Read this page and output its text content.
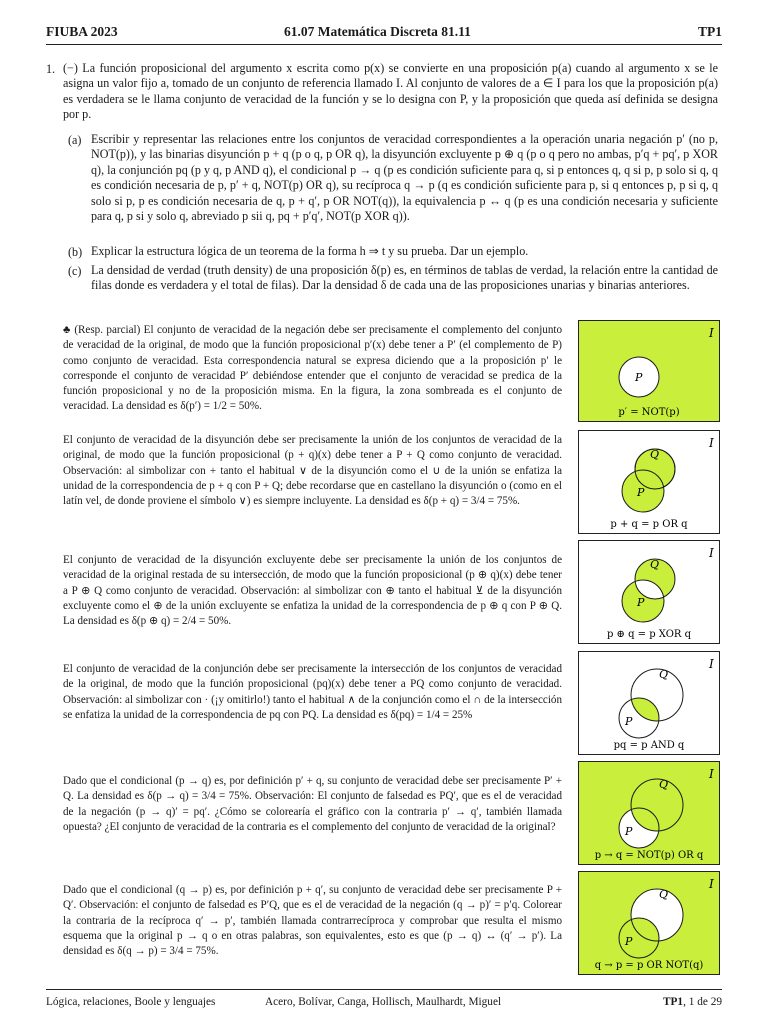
FIUBA 2023	61.07 Matemática Discreta 81.11	TP1
1. (−) La función proposicional del argumento x escrita como p(x) se convierte en una proposición p(a) cuando al argumento x se le asigna un valor fijo a, tomado de un conjunto de referencia llamado I. Al conjunto de valores de a ∈ I para los que la proposición p(a) es verdadera se le llama conjunto de veracidad de la función y se lo designa con P, y la proposición que queda así definida se designa por p.

(a) Escribir y representar las relaciones entre los conjuntos de veracidad correspondientes a la operación unaria negación p′ (no p, NOT(p)), y las binarias disyunción p + q (p o q, p OR q), la disyunción excluyente p ⊕ q (p o q pero no ambas, p′q + pq′, p XOR q), la conjunción pq (p y q, p AND q), el condicional p → q (p es condición suficiente para q, si p entonces q, q si p, p solo si q, q es condición necesaria de p, p′ + q, NOT(p) OR q), su recíproca q → p (q es condición suficiente para p, si q entonces p, p si q, q solo si p, p es condición necesaria de q, p + q′, p OR NOT(q)), la equivalencia p ↔ q (p es una condición necesaria y suficiente para q, p si y solo q, abreviado p sii q, pq + p′q′, NOT(p XOR q)).

(b) Explicar la estructura lógica de un teorema de la forma h ⇒ t y su prueba. Dar un ejemplo.

(c) La densidad de verdad (truth density) de una proposición δ(p) es, en términos de tablas de verdad, la relación entre la cantidad de filas donde es verdadera y el total de filas). Dar la densidad δ de cada una de las proposiciones unarias y binarias anteriores.

♣ (Resp. parcial) El conjunto de veracidad de la negación debe ser precisamente el complemento del conjunto de veracidad de la original, de modo que la función proposicional p′(x) debe tener a P′ (el complemento de P) como conjunto de veracidad. Esta correspondencia natural se expresa diciendo que a la proposición p′ le corresponde el conjunto de veracidad P′ debiéndose entender que el conjunto de veracidad se predica de la función proposicional y no de la proposición misma. En la figura, la zona sombreada es el conjunto de veracidad. La densidad es δ(p′) = 1/2 = 50%.

I
P
p′ = NOT(p)

El conjunto de veracidad de la disyunción debe ser precisamente la unión de los conjuntos de veracidad de la original, de modo que la función proposicional (p + q)(x) debe tener a P + Q como conjunto de veracidad. Observación: al simbolizar con + tanto el habitual ∨ de la disyunción como el ∪ de la unión se enfatiza la unidad de la correspondencia de p + q con P + Q; debe recordarse que en castellano la disyunción o (como en el latín vel, de donde proviene el símbolo ∨) es siempre incluyente. La densidad es δ(p + q) = 3/4 = 75%.

I
Q
P
p + q = p OR q

El conjunto de veracidad de la disyunción excluyente debe ser precisamente la unión de los conjuntos de veracidad de la original restada de su intersección, de modo que la función proposicional (p ⊕ q)(x) debe tener a P ⊕ Q como conjunto de veracidad. Observación: al simbolizar con ⊕ tanto el habitual ⊻ de la disyunción excluyente como el ⊕ de la unión excluyente se enfatiza la unidad de la correspondencia de p ⊕ q con P ⊕ Q. La densidad es δ(p ⊕ q) = 2/4 = 50%.

I
Q
P
p ⊕ q = p XOR q

El conjunto de veracidad de la conjunción debe ser precisamente la intersección de los conjuntos de veracidad de la original, de modo que la función proposicional (pq)(x) debe tener a PQ como conjunto de veracidad. Observación: al simbolizar con · (¡y omitirlo!) tanto el habitual ∧ de la conjunción como el ∩ de la intersección se enfatiza la unidad de la correspondencia de pq con PQ. La densidad es δ(pq) = 1/4 = 25%

I
Q
P
pq = p AND q

Dado que el condicional (p → q) es, por definición p′ + q, su conjunto de veracidad debe ser precisamente P′ + Q. La densidad es δ(p → q) = 3/4 = 75%. Observación: El conjunto de falsedad es PQ′, que es el de veracidad de la negación (p → q)′ = pq′. ¿Cómo se colorearía el gráfico con la contraria p′ → q′, también llamada opuesta? ¿El conjunto de veracidad de la contraria es el complemento del conjunto de veracidad de la original?

I
Q
P
p → q = NOT(p) OR q

Dado que el condicional (q → p) es, por definición p + q′, su conjunto de veracidad debe ser precisamente P + Q′. Observación: el conjunto de falsedad es P′Q, que es el de veracidad de la negación (q → p)′ = p′q. Colorear la contraria de la recíproca q′ → p′, también llamada contrarrecíproca y comprobar que resulta el mismo esquema que la original p → q o en otras palabras, son equivalentes, esto es que (p → q) ↔ (q′ → p′). La densidad es δ(q → p) = 3/4 = 75%.

I
Q
P
q → p = p OR NOT(q)
Lógica, relaciones, Boole y lenguajes	Acero, Bolívar, Canga, Hollisch, Maulhardt, Miguel	TP1, 1 de 29
